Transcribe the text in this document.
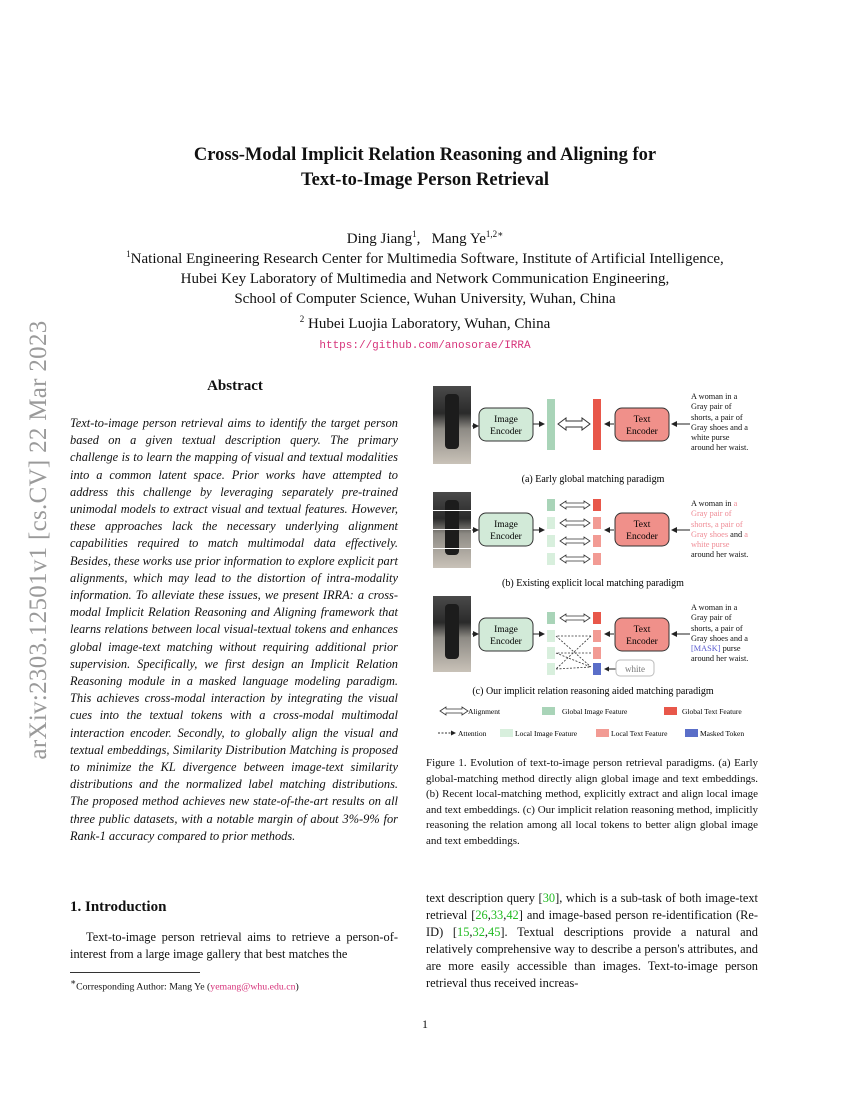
arXiv:2303.12501v1 [cs.CV] 22 Mar 2023
Cross-Modal Implicit Relation Reasoning and Aligning for
Text-to-Image Person Retrieval
Ding Jiang$^1$,   Mang $Ye^{1,2∗}$
$^1$National Engineering Research Center for Multimedia Software, Institute of Artificial Intelligence,
Hubei Key Laboratory of Multimedia and Network Communication Engineering,
School of Computer Science, Wuhan University, Wuhan, China
$^2$ Hubei Luojia Laboratory, Wuhan, China
https://github.com/anosorae/IRRA
Abstract
Text-to-image person retrieval aims to identify the target person based on a given textual description query. The primary challenge is to learn the mapping of visual and textual modalities into a common latent space. Prior works have attempted to address this challenge by leveraging separately pre-trained unimodal models to extract visual and textual features. However, these approaches lack the necessary underlying alignment capabilities required to match multimodal data effectively. Besides, these works use prior information to explore explicit part alignments, which may lead to the distortion of intra-modality information. To alleviate these issues, we present IRRA: a cross-modal Implicit Relation Reasoning and Aligning framework that learns relations between local visual-textual tokens and enhances global image-text matching without requiring additional prior supervision. Specifically, we first design an Implicit Relation Reasoning module in a masked language modeling paradigm. This achieves cross-modal interaction by integrating the visual cues into the textual tokens with a cross-modal multimodal interaction encoder. Secondly, to globally align the visual and textual embeddings, Similarity Distribution Matching is proposed to minimize the KL divergence between image-text similarity distributions and the normalized label matching distributions. The proposed method achieves new state-of-the-art results on all three public datasets, with a notable margin of about 3%-9% for Rank-1 accuracy compared to prior methods.
1. Introduction
Text-to-image person retrieval aims to retrieve a person-of-interest from a large image gallery that best matches the
∗Corresponding Author: Mang Ye (yemang@whu.edu.cn)
text description query [30], which is a sub-task of both image-text retrieval [26,33,42] and image-based person re-identification (Re-ID) [15,32,45]. Textual descriptions provide a natural and relatively comprehensive way to describe a person's attributes, and are more easily accessible than images. Text-to-image person retrieval thus received increas-
Image
Encoder
Text
Encoder
(a) Early global matching paradigm
Image
Encoder
Text
Encoder
(b) Existing explicit local matching paradigm
Image
Encoder
Text
Encoder
white
(c) Our implicit relation reasoning aided matching paradigm
Alignment	Global Image Feature	Global Text Feature
Attention	Local Image Feature	Local Text Feature	Masked Token
A woman in a
Gray pair of
shorts, a pair of
Gray shoes and a
white purse
around her waist.
A woman in a
Gray pair of
shorts, a pair of
Gray shoes and a
white purse
around her waist.
A woman in a
Gray pair of
shorts, a pair of
Gray shoes and a
[MASK] purse
around her waist.
Figure 1. Evolution of text-to-image person retrieval paradigms. (a) Early global-matching method directly align global image and text embeddings. (b) Recent local-matching method, explicitly extract and align local image and text embeddings. (c) Our implicit relation reasoning method, implicitly reasoning the relation among all local tokens to better align global image and text embeddings.
1
